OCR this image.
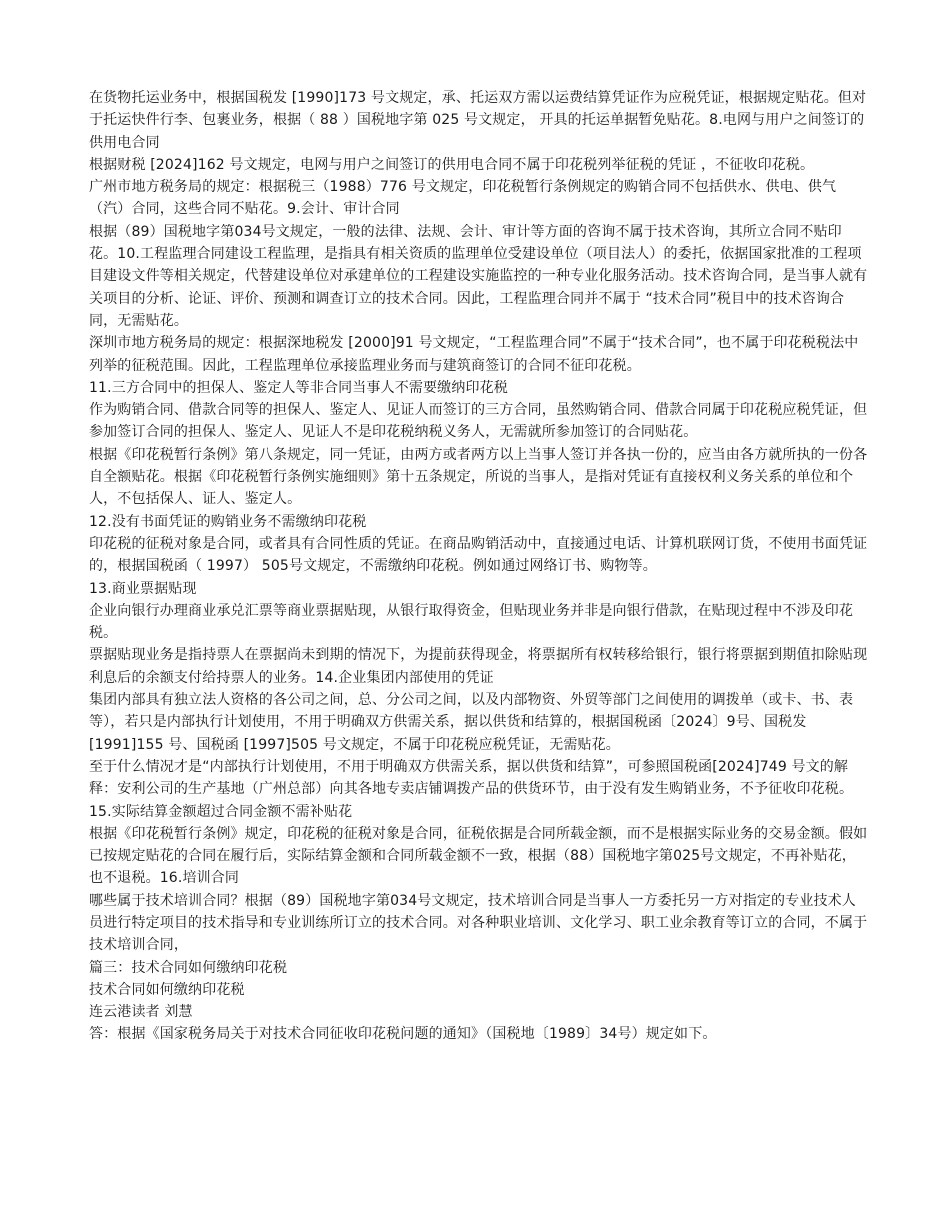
在货物托运业务中，根据国税发 [1990]173 号文规定，承、托运双方需以运费结算凭证作为应税凭证，根据规定贴花。但对于托运快件行李、包裹业务，根据（ 88 ）国税地字第 025 号文规定， 开具的托运单据暂免贴花。8.电网与用户之间签订的供用电合同

根据财税 [2024]162 号文规定，电网与用户之间签订的供用电合同不属于印花税列举征税的凭证 ，不征收印花税。

广州市地方税务局的规定：根据税三（1988）776 号文规定，印花税暂行条例规定的购销合同不包括供水、供电、供气（汽）合同，这些合同不贴花。9.会计、审计合同

根据（89）国税地字第034号文规定，一般的法律、法规、会计、审计等方面的咨询不属于技术咨询，其所立合同不贴印花。10.工程监理合同建设工程监理，是指具有相关资质的监理单位受建设单位（项目法人）的委托，依据国家批准的工程项目建设文件等相关规定，代替建设单位对承建单位的工程建设实施监控的一种专业化服务活动。技术咨询合同，是当事人就有关项目的分析、论证、评价、预测和调查订立的技术合同。因此，工程监理合同并不属于 “技术合同”税目中的技术咨询合同，无需贴花。

深圳市地方税务局的规定：根据深地税发 [2000]91 号文规定，“工程监理合同”不属于“技术合同”，也不属于印花税税法中列举的征税范围。因此，工程监理单位承接监理业务而与建筑商签订的合同不征印花税。

11.三方合同中的担保人、鉴定人等非合同当事人不需要缴纳印花税

作为购销合同、借款合同等的担保人、鉴定人、见证人而签订的三方合同，虽然购销合同、借款合同属于印花税应税凭证，但参加签订合同的担保人、鉴定人、见证人不是印花税纳税义务人，无需就所参加签订的合同贴花。

根据《印花税暂行条例》第八条规定，同一凭证，由两方或者两方以上当事人签订并各执一份的，应当由各方就所执的一份各自全额贴花。根据《印花税暂行条例实施细则》第十五条规定，所说的当事人，是指对凭证有直接权利义务关系的单位和个人，不包括保人、证人、鉴定人。

12.没有书面凭证的购销业务不需缴纳印花税

印花税的征税对象是合同，或者具有合同性质的凭证。在商品购销活动中，直接通过电话、计算机联网订货，不使用书面凭证的，根据国税函（ 1997） 505号文规定，不需缴纳印花税。例如通过网络订书、购物等。

13.商业票据贴现

企业向银行办理商业承兑汇票等商业票据贴现，从银行取得资金，但贴现业务并非是向银行借款，在贴现过程中不涉及印花税。

票据贴现业务是指持票人在票据尚未到期的情况下，为提前获得现金，将票据所有权转移给银行，银行将票据到期值扣除贴现利息后的余额支付给持票人的业务。14.企业集团内部使用的凭证

集团内部具有独立法人资格的各公司之间，总、分公司之间，以及内部物资、外贸等部门之间使用的调拨单（或卡、书、表等），若只是内部执行计划使用，不用于明确双方供需关系，据以供货和结算的，根据国税函〔2024〕9号、国税发 [1991]155 号、国税函 [1997]505 号文规定，不属于印花税应税凭证，无需贴花。

至于什么情况才是“内部执行计划使用，不用于明确双方供需关系，据以供货和结算”，可参照国税函[2024]749 号文的解释：安利公司的生产基地（广州总部）向其各地专卖店铺调拨产品的供货环节，由于没有发生购销业务，不予征收印花税。15.实际结算金额超过合同金额不需补贴花

根据《印花税暂行条例》规定，印花税的征税对象是合同，征税依据是合同所载金额，而不是根据实际业务的交易金额。假如已按规定贴花的合同在履行后，实际结算金额和合同所载金额不一致，根据（88）国税地字第025号文规定，不再补贴花，也不退税。16.培训合同

哪些属于技术培训合同？根据（89）国税地字第034号文规定，技术培训合同是当事人一方委托另一方对指定的专业技术人员进行特定项目的技术指导和专业训练所订立的技术合同。对各种职业培训、文化学习、职工业余教育等订立的合同，不属于技术培训合同，

篇三：技术合同如何缴纳印花税

技术合同如何缴纳印花税

连云港读者 刘慧

答：根据《国家税务局关于对技术合同征收印花税问题的通知》（国税地〔1989〕34号）规定如下。
